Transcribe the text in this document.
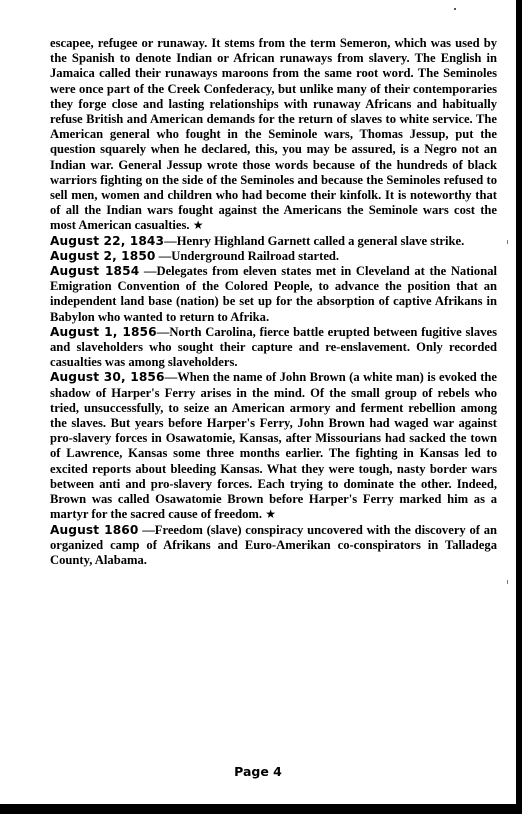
escapee, refugee or runaway. It stems from the term Semeron, which was used by the Spanish to denote Indian or African runaways from slavery. The English in Jamaica called their runaways maroons from the same root word. The Seminoles were once part of the Creek Confederacy, but unlike many of their contemporaries they forge close and lasting relationships with runaway Africans and habitually refuse British and American demands for the return of slaves to white service. The American general who fought in the Seminole wars, Thomas Jessup, put the question squarely when he declared, this, you may be assured, is a Negro not an Indian war. General Jessup wrote those words because of the hundreds of black warriors fighting on the side of the Seminoles and because the Seminoles refused to sell men, women and children who had become their kinfolk. It is noteworthy that of all the Indian wars fought against the Americans the Seminole wars cost the most American casualties. ★

August 22, 1843—Henry Highland Garnett called a general slave strike.

August 2, 1850 —Underground Railroad started.

August 1854 —Delegates from eleven states met in Cleveland at the National Emigration Convention of the Colored People, to advance the position that an independent land base (nation) be set up for the absorption of captive Afrikans in Babylon who wanted to return to Afrika.

August 1, 1856—North Carolina, fierce battle erupted between fugitive slaves and slaveholders who sought their capture and re-enslavement. Only recorded casualties was among slaveholders.

August 30, 1856—When the name of John Brown (a white man) is evoked the shadow of Harper's Ferry arises in the mind. Of the small group of rebels who tried, unsuccessfully, to seize an American armory and ferment rebellion among the slaves. But years before Harper's Ferry, John Brown had waged war against pro-slavery forces in Osawatomie, Kansas, after Missourians had sacked the town of Lawrence, Kansas some three months earlier. The fighting in Kansas led to excited reports about bleeding Kansas. What they were tough, nasty border wars between anti and pro-slavery forces. Each trying to dominate the other. Indeed, Brown was called Osawatomie Brown before Harper's Ferry marked him as a martyr for the sacred cause of freedom. ★

August 1860 —Freedom (slave) conspiracy uncovered with the discovery of an organized camp of Afrikans and Euro-Amerikan co-conspirators in Talladega County, Alabama.

Page 4
